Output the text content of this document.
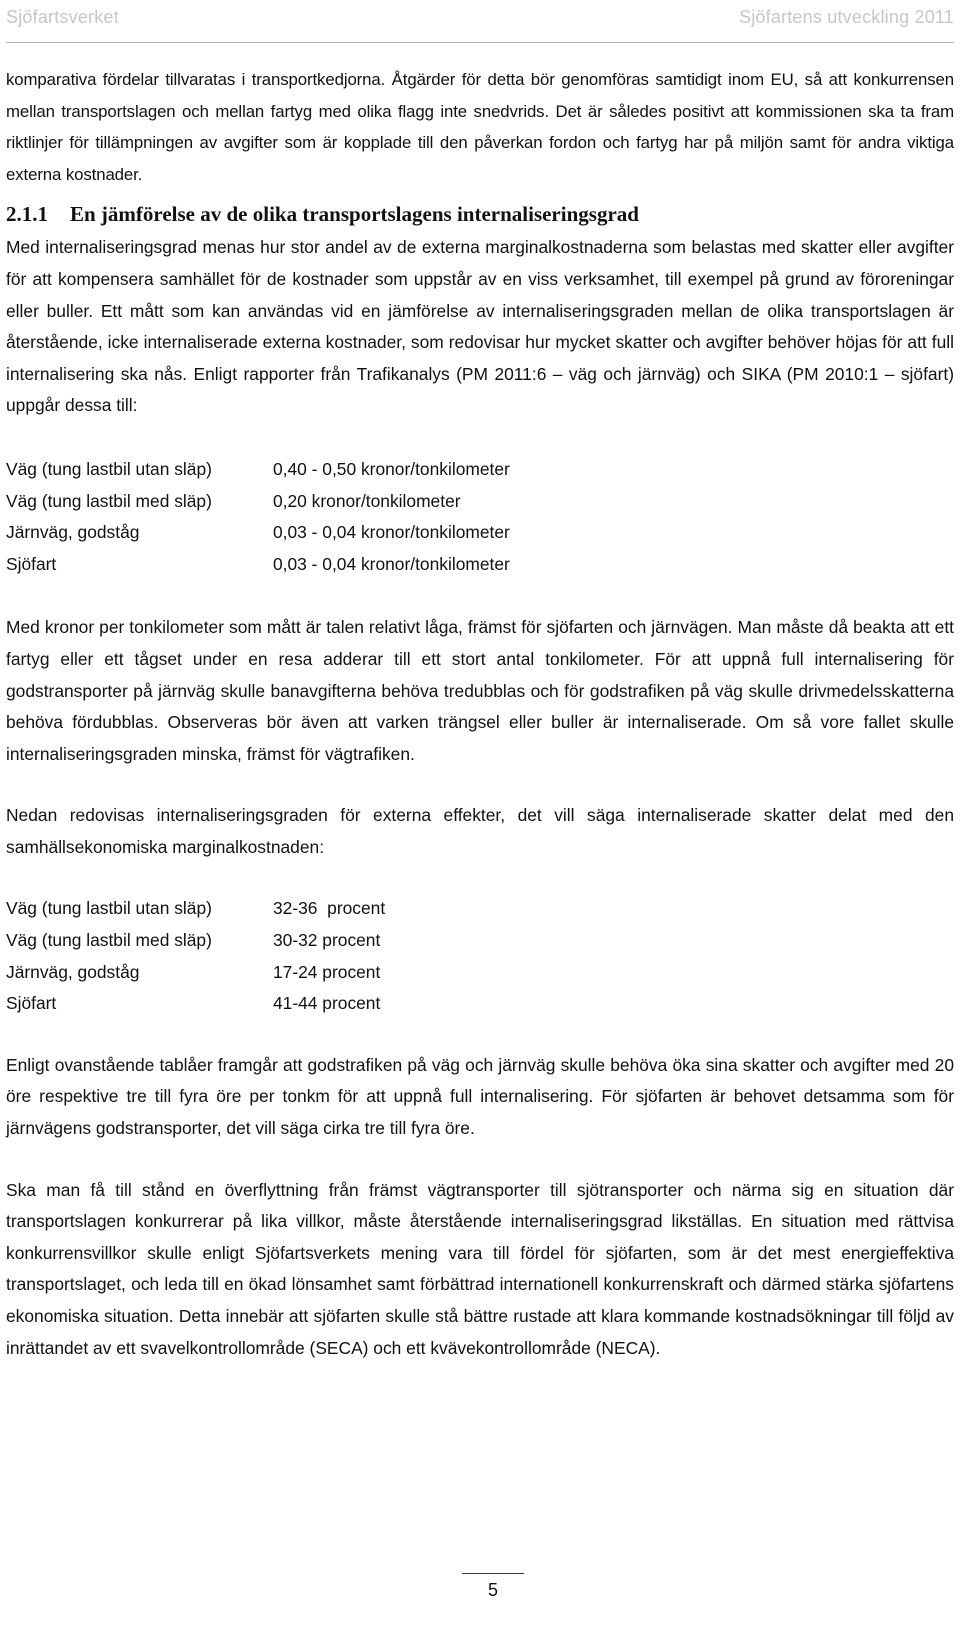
Sjöfartsverket	Sjöfartens utveckling 2011

komparativa fördelar tillvaratas i transportkedjorna. Åtgärder för detta bör genomföras samtidigt inom EU, så att konkurrensen mellan transportslagen och mellan fartyg med olika flagg inte snedvrids. Det är således positivt att kommissionen ska ta fram riktlinjer för tillämpningen av avgifter som är kopplade till den påverkan fordon och fartyg har på miljön samt för andra viktiga externa kostnader.

2.1.1	En jämförelse av de olika transportslagens internaliseringsgrad

Med internaliseringsgrad menas hur stor andel av de externa marginalkostnaderna som belastas med skatter eller avgifter för att kompensera samhället för de kostnader som uppstår av en viss verksamhet, till exempel på grund av föroreningar eller buller. Ett mått som kan användas vid en jämförelse av internaliseringsgraden mellan de olika transportslagen är återstående, icke internaliserade externa kostnader, som redovisar hur mycket skatter och avgifter behöver höjas för att full internalisering ska nås. Enligt rapporter från Trafikanalys (PM 2011:6 – väg och järnväg) och SIKA (PM 2010:1 – sjöfart) uppgår dessa till:

Väg (tung lastbil utan släp)	0,40 - 0,50 kronor/tonkilometer
Väg (tung lastbil med släp)	0,20 kronor/tonkilometer
Järnväg, godståg	0,03 - 0,04 kronor/tonkilometer
Sjöfart	0,03 - 0,04 kronor/tonkilometer

Med kronor per tonkilometer som mått är talen relativt låga, främst för sjöfarten och järnvägen. Man måste då beakta att ett fartyg eller ett tågset under en resa adderar till ett stort antal tonkilometer. För att uppnå full internalisering för godstransporter på järnväg skulle banavgifterna behöva tredubblas och för godstrafiken på väg skulle drivmedelsskatterna behöva fördubblas. Observeras bör även att varken trängsel eller buller är internaliserade. Om så vore fallet skulle internaliseringsgraden minska, främst för vägtrafiken.

Nedan redovisas internaliseringsgraden för externa effekter, det vill säga internaliserade skatter delat med den samhällsekonomiska marginalkostnaden:

Väg (tung lastbil utan släp)	32-36  procent
Väg (tung lastbil med släp)	30-32 procent
Järnväg, godståg	17-24 procent
Sjöfart	41-44 procent

Enligt ovanstående tablåer framgår att godstrafiken på väg och järnväg skulle behöva öka sina skatter och avgifter med 20 öre respektive tre till fyra öre per tonkm för att uppnå full internalisering. För sjöfarten är behovet detsamma som för järnvägens godstransporter, det vill säga cirka tre till fyra öre.

Ska man få till stånd en överflyttning från främst vägtransporter till sjötransporter och närma sig en situation där transportslagen konkurrerar på lika villkor, måste återstående internaliseringsgrad likställas. En situation med rättvisa konkurrensvillkor skulle enligt Sjöfartsverkets mening vara till fördel för sjöfarten, som är det mest energieffektiva transportslaget, och leda till en ökad lönsamhet samt förbättrad internationell konkurrenskraft och därmed stärka sjöfartens ekonomiska situation. Detta innebär att sjöfarten skulle stå bättre rustade att klara kommande kostnadsökningar till följd av inrättandet av ett svavelkontrollområde (SECA) och ett kvävekontrollområde (NECA).

5
